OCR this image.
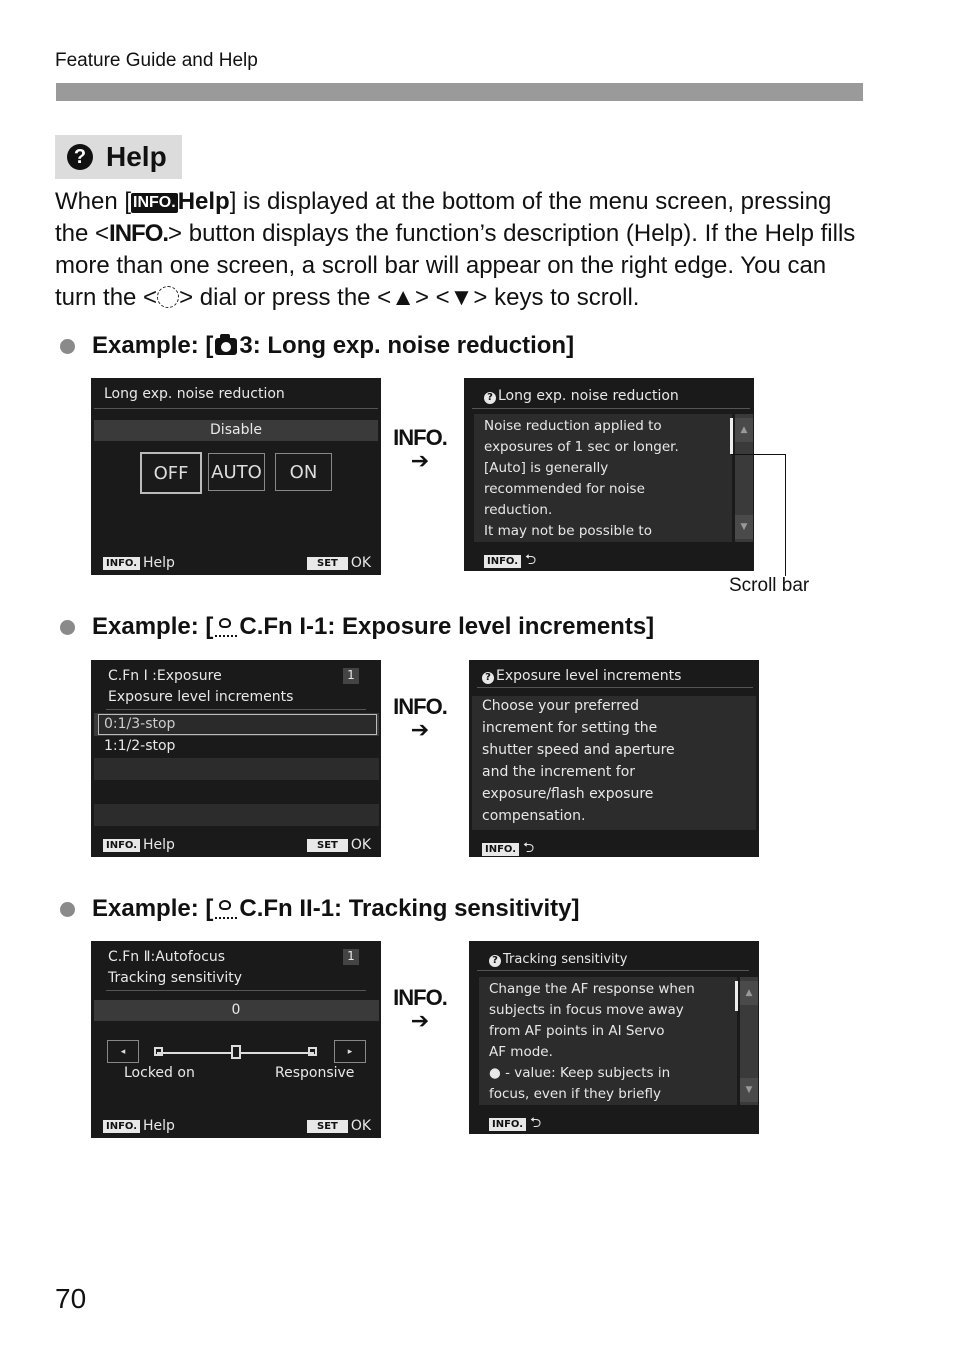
Feature Guide and Help
? Help
When [ INFO.Help] is displayed at the bottom of the menu screen, pressing the <INFO.> button displays the function’s description (Help). If the Help fills more than one screen, a scroll bar will appear on the right edge. You can turn the < > dial or press the <▲> <▼> keys to scroll.
Example: [ 3: Long exp. noise reduction]
Long exp. noise reduction
Disable
OFF AUTO ON
INFO. Help	SET OK
INFO.
➔
? Long exp. noise reduction
Noise reduction applied to
exposures of 1 sec or longer.
[Auto] is generally
recommended for noise
reduction.
It may not be possible to
▲
▼
INFO. ⮌
Scroll bar
Example: [ C.Fn I-1: Exposure level increments]
C.Fn I :Exposure
Exposure level increments
1
0:1/3-stop
1:1/2-stop
INFO. Help	SET OK
INFO.
➔
? Exposure level increments
Choose your preferred
increment for setting the
shutter speed and aperture
and the increment for
exposure/flash exposure
compensation.
INFO. ⮌
Example: [ C.Fn II-1: Tracking sensitivity]
C.Fn Ⅱ:Autofocus
Tracking sensitivity
1
0
◂	▸
Locked on	Responsive
INFO. Help	SET OK
INFO.
➔
? Tracking sensitivity
Change the AF response when
subjects in focus move away
from AF points in AI Servo
AF mode.
● - value: Keep subjects in
focus, even if they briefly
▲
▼
INFO. ⮌
70
